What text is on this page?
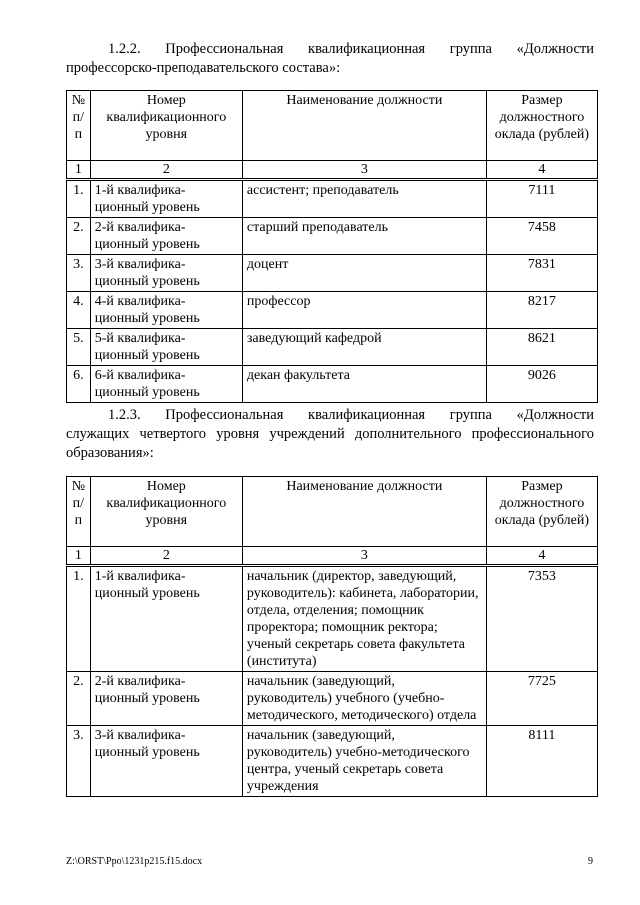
1.2.2. Профессиональная квалификационная группа «Должности
профессорско-преподавательского состава»:
№ п/п	Номер квалификационного уровня	Наименование должности	Размер должностного оклада (рублей)
1	2	3	4
1.	1-й квалифика-ционный уровень	ассистент; преподаватель	7111
2.	2-й квалифика-ционный уровень	старший преподаватель	7458
3.	3-й квалифика-ционный уровень	доцент	7831
4.	4-й квалифика-ционный уровень	профессор	8217
5.	5-й квалифика-ционный уровень	заведующий кафедрой	8621
6.	6-й квалифика-ционный уровень	декан факультета	9026
1.2.3. Профессиональная квалификационная группа «Должности
служащих четвертого уровня учреждений дополнительного профессионального
образования»:
№ п/п	Номер квалификационного уровня	Наименование должности	Размер должностного оклада (рублей)
1	2	3	4
1.	1-й квалифика-ционный уровень	начальник (директор, заведующий, руководитель): кабинета, лаборатории, отдела, отделения; помощник проректора; помощник ректора; ученый секретарь совета факультета (института)	7353
2.	2-й квалифика-ционный уровень	начальник (заведующий, руководитель) учебного (учебно-методического, методического) отдела	7725
3.	3-й квалифика-ционный уровень	начальник (заведующий, руководитель) учебно-методического центра, ученый секретарь совета учреждения	8111
Z:\ORST\Ppo\1231p215.f15.docx	9
